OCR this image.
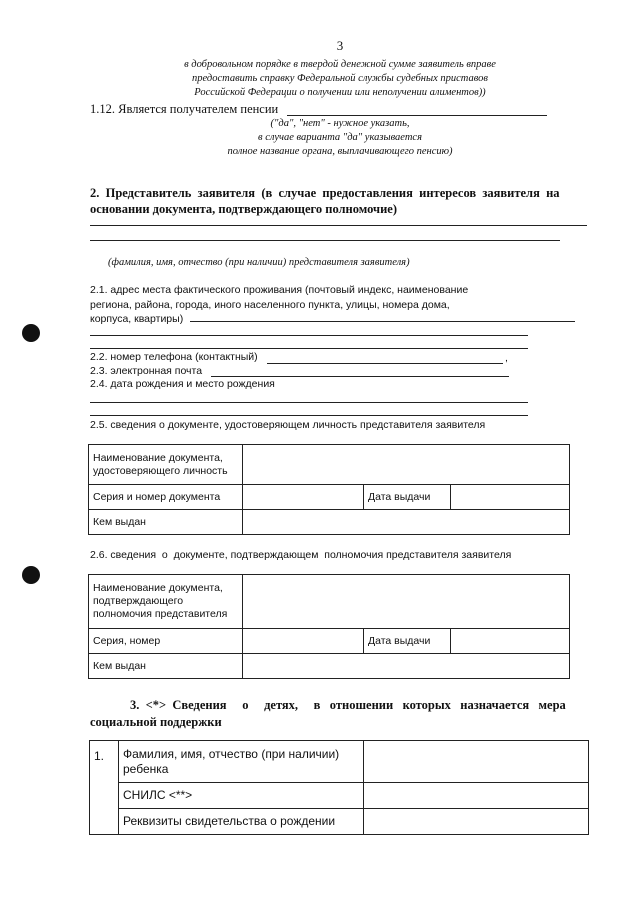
3
в добровольном порядке в твердой денежной сумме заявитель вправе
предоставить справку Федеральной службы судебных приставов
Российской Федерации о получении или неполучении алиментов))
1.12. Является получателем пенсии
("да", "нет" - нужное указать,
в случае варианта "да" указывается
полное название органа, выплачивающего пенсию)
2.  Представитель  заявителя  (в  случае  предоставления  интересов  заявителя  на
основании документа, подтверждающего полномочие)
(фамилия, имя, отчество (при наличии) представителя заявителя)
2.1. адрес места фактического проживания (почтовый индекс, наименование
региона, района, города, иного населенного пункта, улицы, номера дома,
корпуса, квартиры)
2.2. номер телефона (контактный)	,
2.3. электронная почта
2.4. дата рождения и место рождения
2.5. сведения о документе, удостоверяющем личность представителя заявителя
Наименование документа, удостоверяющего личность			
Серия и номер документа		Дата выдачи	
Кем выдан			
2.6. сведения  о  документе, подтверждающем  полномочия представителя заявителя
Наименование документа, подтверждающего полномочия представителя			
Серия, номер		Дата выдачи	
Кем выдан			
3.  <*>  Сведения     о     детях,     в   отношении   которых   назначается   мера
социальной поддержки
1.	Фамилия, имя, отчество (при наличии) ребенка	
	СНИЛС <**>	
	Реквизиты свидетельства о рождении	
